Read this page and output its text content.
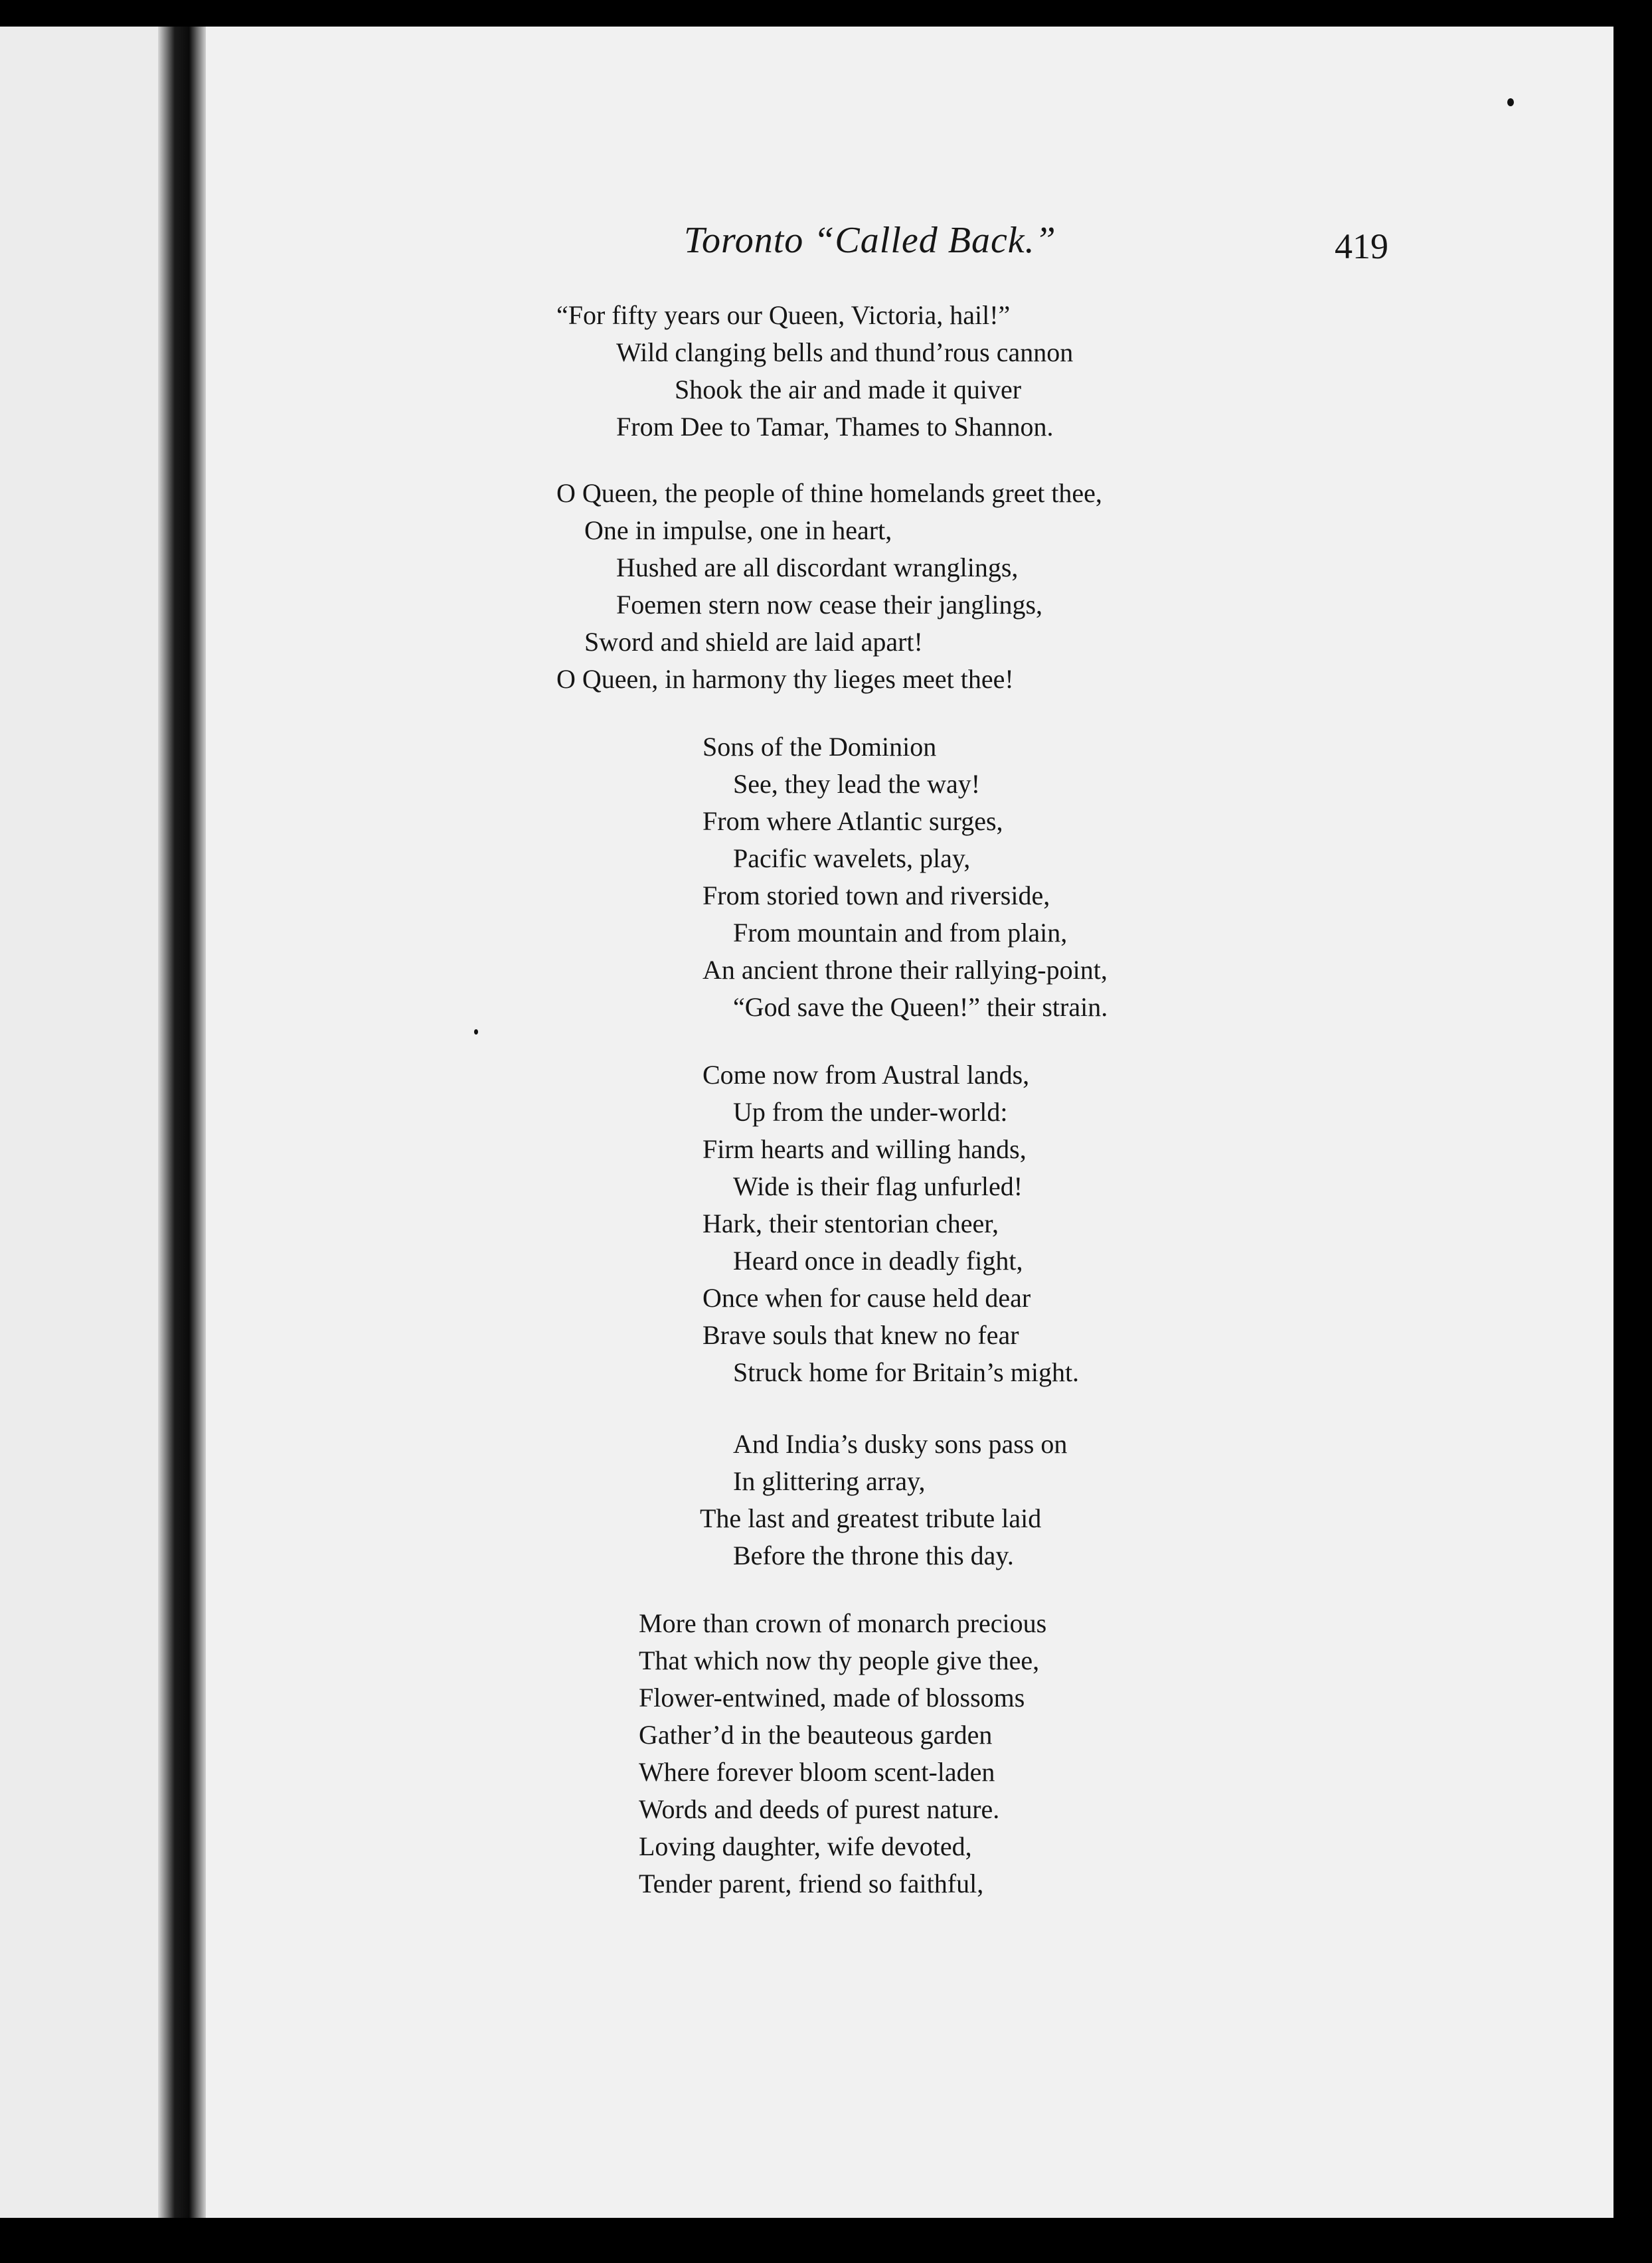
Toronto “Called Back.”	419
“For fifty years our Queen, Victoria, hail!”
Wild clanging bells and thund’rous cannon
Shook the air and made it quiver
From Dee to Tamar, Thames to Shannon.
O Queen, the people of thine homelands greet thee,
One in impulse, one in heart,
Hushed are all discordant wranglings,
Foemen stern now cease their janglings,
Sword and shield are laid apart!
O Queen, in harmony thy lieges meet thee!
Sons of the Dominion
See, they lead the way!
From where Atlantic surges,
Pacific wavelets, play,
From storied town and riverside,
From mountain and from plain,
An ancient throne their rallying-point,
“God save the Queen!” their strain.
Come now from Austral lands,
Up from the under-world:
Firm hearts and willing hands,
Wide is their flag unfurled!
Hark, their stentorian cheer,
Heard once in deadly fight,
Once when for cause held dear
Brave souls that knew no fear
Struck home for Britain’s might.
And India’s dusky sons pass on
In glittering array,
The last and greatest tribute laid
Before the throne this day.
More than crown of monarch precious
That which now thy people give thee,
Flower-entwined, made of blossoms
Gather’d in the beauteous garden
Where forever bloom scent-laden
Words and deeds of purest nature.
Loving daughter, wife devoted,
Tender parent, friend so faithful,
